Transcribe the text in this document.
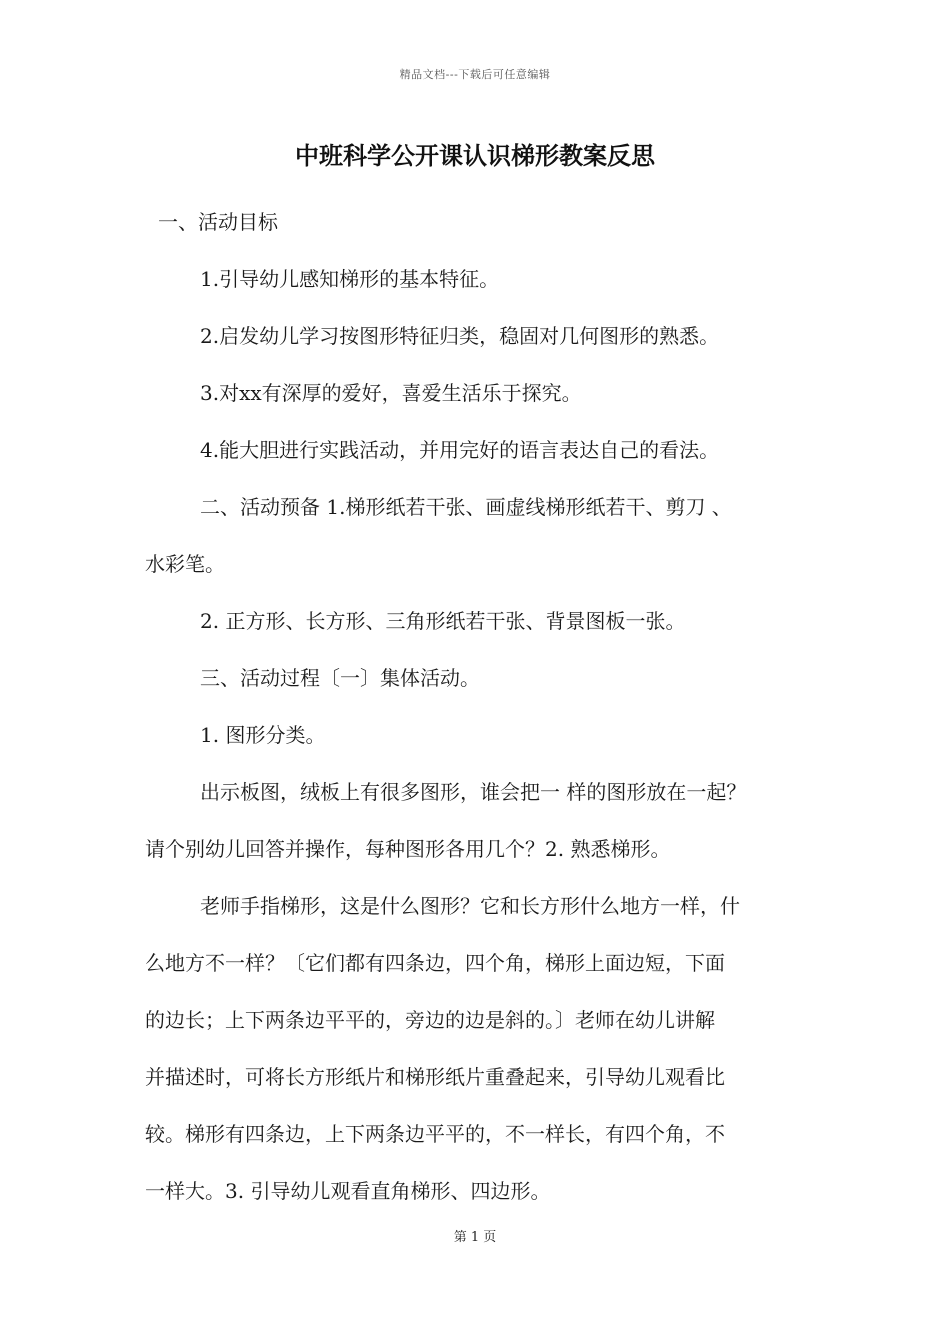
精品文档---下载后可任意编辑
中班科学公开课认识梯形教案反思
一、活动目标
1.引导幼儿感知梯形的基本特征。
2.启发幼儿学习按图形特征归类，稳固对几何图形的熟悉。
3.对xx有深厚的爱好，喜爱生活乐于探究。
4.能大胆进行实践活动，并用完好的语言表达自己的看法。
二、活动预备 1.梯形纸若干张、画虚线梯形纸若干、剪刀 、
水彩笔。
2. 正方形、长方形、三角形纸若干张、背景图板一张。
三、活动过程〔一〕集体活动。
1. 图形分类。
出示板图，绒板上有很多图形，谁会把一 样的图形放在一起？
请个别幼儿回答并操作，每种图形各用几个？2. 熟悉梯形。
老师手指梯形，这是什么图形？它和长方形什么地方一样，什
么地方不一样？〔它们都有四条边，四个角，梯形上面边短，下面
的边长；上下两条边平平的，旁边的边是斜的。〕老师在幼儿讲解
并描述时，可将长方形纸片和梯形纸片重叠起来，引导幼儿观看比
较。梯形有四条边，上下两条边平平的，不一样长，有四个角，不
一样大。3. 引导幼儿观看直角梯形、四边形。
第 1 页
